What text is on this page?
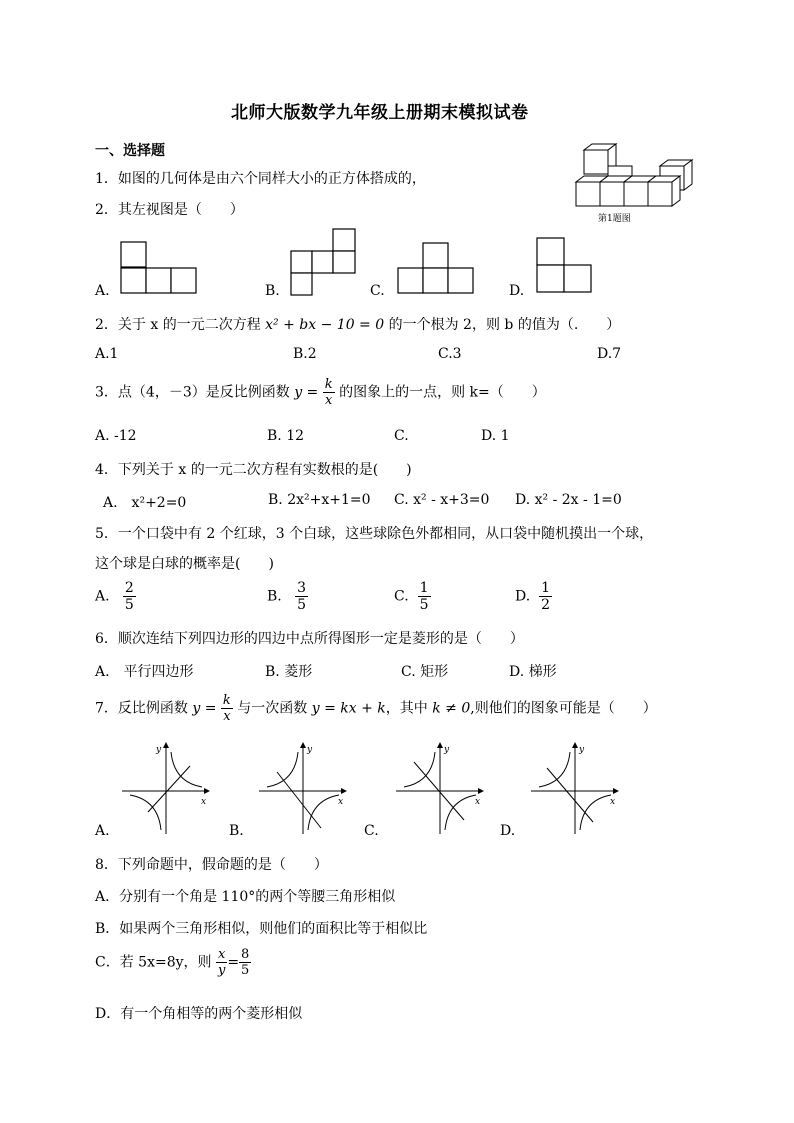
北师大版数学九年级上册期末模拟试卷
一、选择题
1．如图的几何体是由六个同样大小的正方体搭成的，
2．其左视图是（　　）
第1题图
A.	B.	C.	D.
2．关于 x 的一元二次方程 x² + bx − 10 = 0 的一个根为 2，则 b 的值为（.　　）
A.1	B.2	C.3	D.7
3．点（4，－3）是反比例函数 $y = \frac{k}{x}$ 的图象上的一点，则 k=（　　）
A. -12	B. 12	C.	D. 1
4．下列关于 x 的一元二次方程有实数根的是(　　)
A.　x²+2=0	B. 2x²+x+1=0 C. x² - x+3=0 D. x² - 2x - 1=0
5．一个口袋中有 2 个红球，3 个白球，这些球除色外都相同，从口袋中随机摸出一个球，
这个球是白球的概率是(　　)
A. $\frac{2}{5}$	B. $\frac{3}{5}$	C. $\frac{1}{5}$	D. $\frac{1}{2}$
6．顺次连结下列四边形的四边中点所得图形一定是菱形的是（　　）
A.　平行四边形	B. 菱形	C. 矩形	D. 梯形
7．反比例函数 $y = \frac{k}{x}$ 与一次函数 y = kx + k，其中 k ≠ 0,则他们的图象可能是（　　）
x
y
A.
x
y
B.
x
y
C.
x
y
D.
8．下列命题中，假命题的是（　　）
A．分别有一个角是 110°的两个等腰三角形相似
B．如果两个三角形相似，则他们的面积比等于相似比
C．若 5x=8y，则 $\frac{x}{y} = \frac{8}{5}$
D．有一个角相等的两个菱形相似
